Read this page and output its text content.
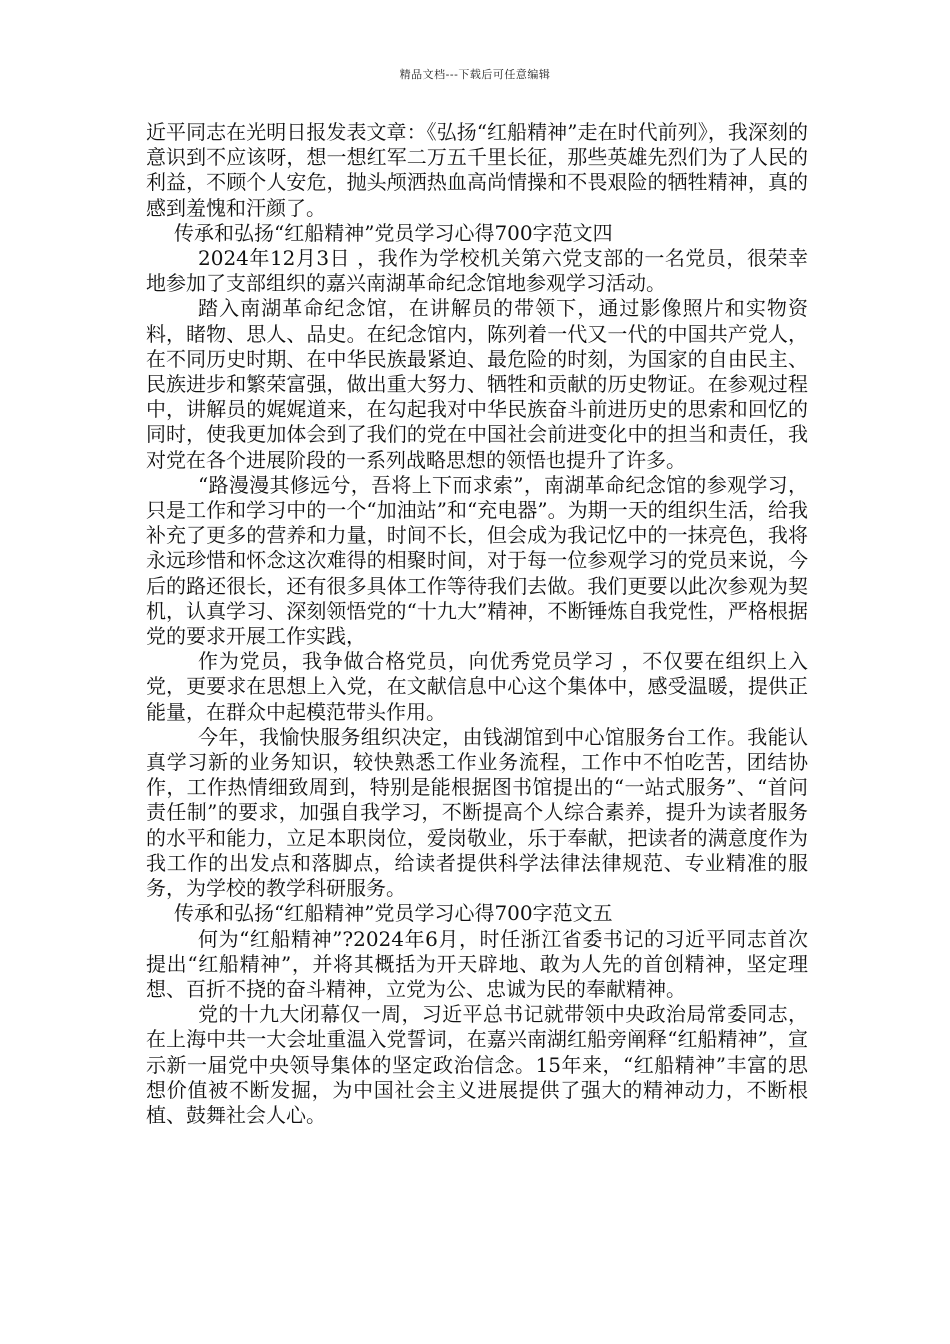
精品文档---下载后可任意编辑

近平同志在光明日报发表文章：《弘扬“红船精神”走在时代前列》，我深刻的意识到不应该呀，想一想红军二万五千里长征，那些英雄先烈们为了人民的利益，不顾个人安危，抛头颅洒热血高尚情操和不畏艰险的牺牲精神，真的感到羞愧和汗颜了。

传承和弘扬“红船精神”党员学习心得700字范文四

2024年12月3日 ，我作为学校机关第六党支部的一名党员，很荣幸地参加了支部组织的嘉兴南湖革命纪念馆地参观学习活动。

踏入南湖革命纪念馆，在讲解员的带领下，通过影像照片和实物资料，睹物、思人、品史。在纪念馆内，陈列着一代又一代的中国共产党人，在不同历史时期、在中华民族最紧迫、最危险的时刻，为国家的自由民主、民族进步和繁荣富强，做出重大努力、牺牲和贡献的历史物证。在参观过程中，讲解员的娓娓道来，在勾起我对中华民族奋斗前进历史的思索和回忆的同时，使我更加体会到了我们的党在中国社会前进变化中的担当和责任，我对党在各个进展阶段的一系列战略思想的领悟也提升了许多。

“路漫漫其修远兮，吾将上下而求索”，南湖革命纪念馆的参观学习，只是工作和学习中的一个“加油站”和“充电器”。为期一天的组织生活，给我补充了更多的营养和力量，时间不长，但会成为我记忆中的一抹亮色，我将永远珍惜和怀念这次难得的相聚时间，对于每一位参观学习的党员来说，今后的路还很长，还有很多具体工作等待我们去做。我们更要以此次参观为契机，认真学习、深刻领悟党的“十九大”精神，不断锤炼自我党性，严格根据党的要求开展工作实践，

作为党员，我争做合格党员，向优秀党员学习 ，不仅要在组织上入党，更要求在思想上入党，在文献信息中心这个集体中，感受温暖，提供正能量，在群众中起模范带头作用。

今年，我愉快服务组织决定，由钱湖馆到中心馆服务台工作。我能认真学习新的业务知识，较快熟悉工作业务流程，工作中不怕吃苦，团结协作，工作热情细致周到，特别是能根据图书馆提出的“一站式服务”、“首问责任制”的要求，加强自我学习，不断提高个人综合素养，提升为读者服务的水平和能力，立足本职岗位，爱岗敬业，乐于奉献，把读者的满意度作为我工作的出发点和落脚点，给读者提供科学法律法律规范、专业精准的服务，为学校的教学科研服务。

传承和弘扬“红船精神”党员学习心得700字范文五

何为“红船精神”?2024年6月，时任浙江省委书记的习近平同志首次提出“红船精神”，并将其概括为开天辟地、敢为人先的首创精神，坚定理想、百折不挠的奋斗精神，立党为公、忠诚为民的奉献精神。

党的十九大闭幕仅一周，习近平总书记就带领中央政治局常委同志，在上海中共一大会址重温入党誓词，在嘉兴南湖红船旁阐释“红船精神”，宣示新一届党中央领导集体的坚定政治信念。15年来，“红船精神”丰富的思想价值被不断发掘，为中国社会主义进展提供了强大的精神动力，不断根植、鼓舞社会人心。
